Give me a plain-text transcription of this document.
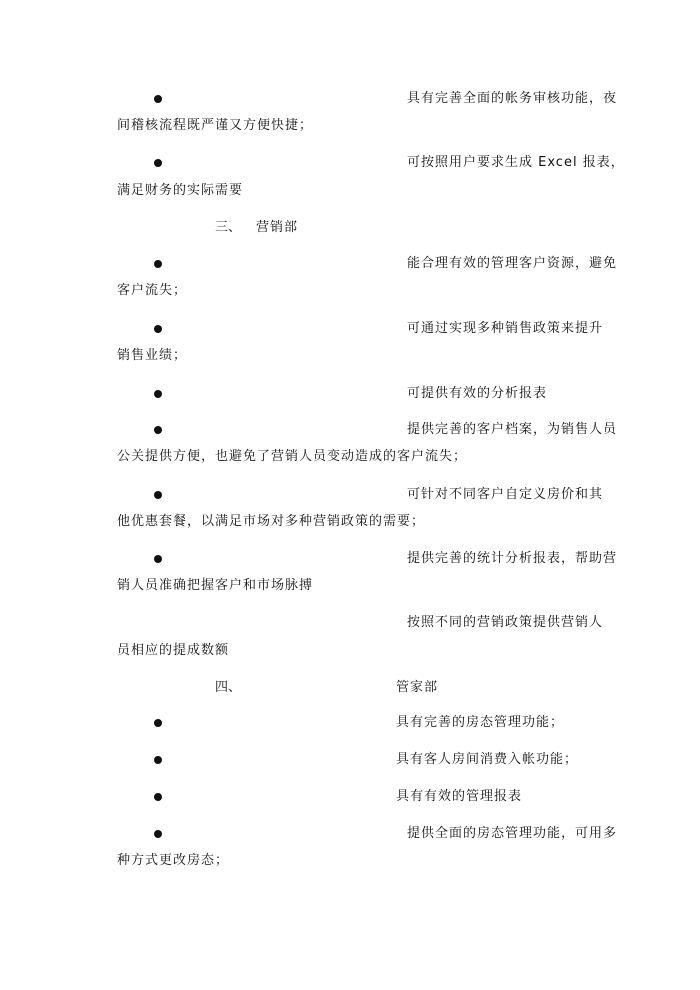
具有完善全面的帐务审核功能，夜
间稽核流程既严谨又方便快捷；
可按照用户要求生成 Excel 报表，
满足财务的实际需要
三、 营销部
能合理有效的管理客户资源，避免
客户流失；
可通过实现多种销售政策来提升
销售业绩；
可提供有效的分析报表
提供完善的客户档案，为销售人员
公关提供方便，也避免了营销人员变动造成的客户流失；
可针对不同客户自定义房价和其
他优惠套餐，以满足市场对多种营销政策的需要；
提供完善的统计分析报表，帮助营
销人员准确把握客户和市场脉搏
按照不同的营销政策提供营销人
员相应的提成数额
四、	管家部
具有完善的房态管理功能；
具有客人房间消费入帐功能；
具有有效的管理报表
提供全面的房态管理功能，可用多
种方式更改房态；
